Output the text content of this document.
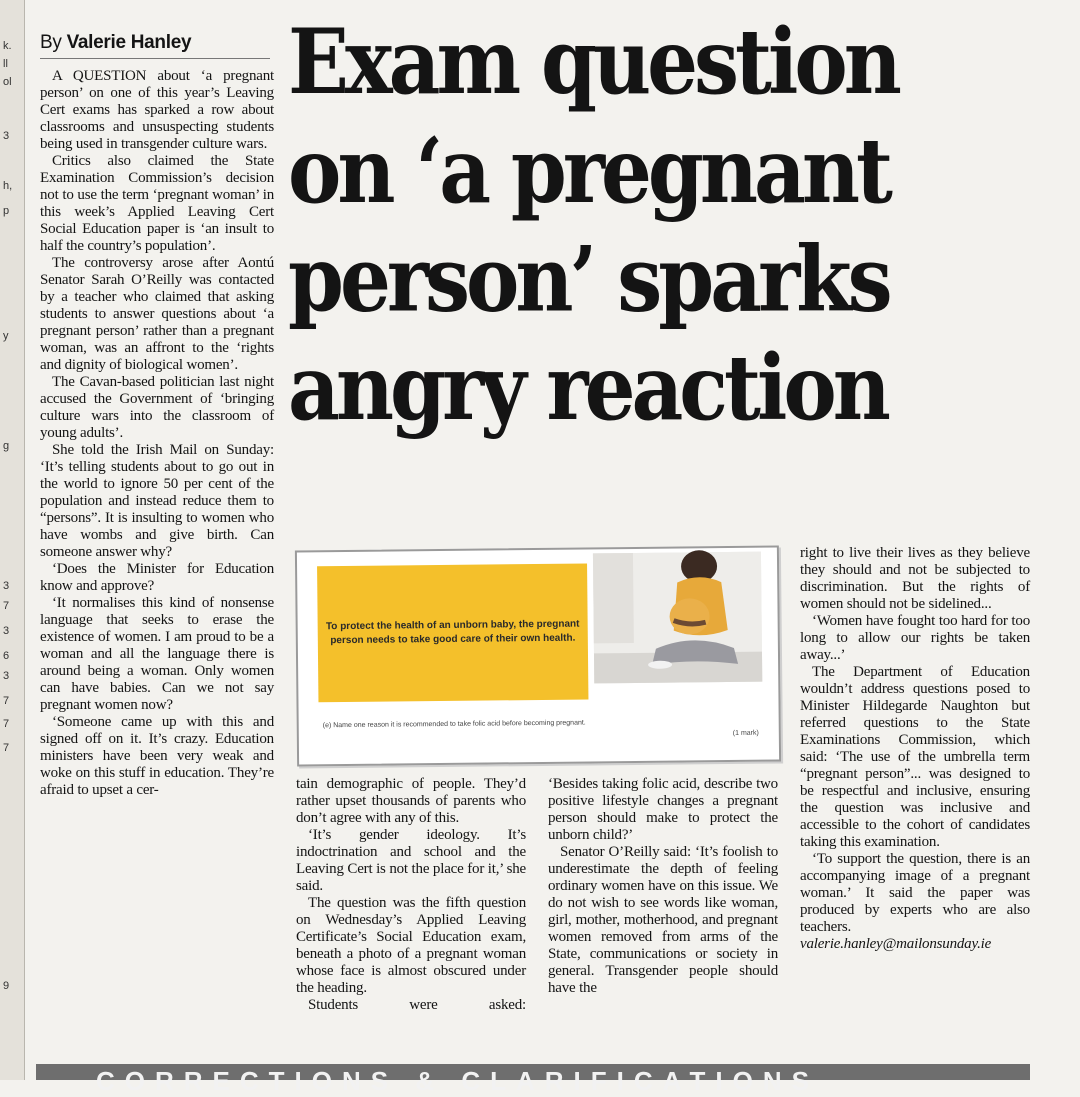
k.
ll
ol
3
h,
p
y
g
3
7
3
6
3
7
7
7
9
By Valerie Hanley	Exam question
on ‘a pregnant
person’ sparks
angry reaction

A QUESTION about ‘a pregnant person’ on one of this year’s Leaving Cert exams has sparked a row about classrooms and unsuspecting students being used in transgender culture wars.

Critics also claimed the State Examination Commission’s decision not to use the term ‘pregnant woman’ in this week’s Applied Leaving Cert Social Education paper is ‘an insult to half the country’s population’.

The controversy arose after Aontú Senator Sarah O’Reilly was contacted by a teacher who claimed that asking students to answer questions about ‘a pregnant person’ rather than a pregnant woman, was an affront to the ‘rights and dignity of biological women’.

The Cavan-based politician last night accused the Government of ‘bringing culture wars into the classroom of young adults’.

She told the Irish Mail on Sunday: ‘It’s telling students about to go out in the world to ignore 50 per cent of the population and instead reduce them to “persons”. It is insulting to women who have wombs and give birth. Can someone answer why?

‘Does the Minister for Education know and approve?

‘It normalises this kind of nonsense language that seeks to erase the existence of women. I am proud to be a woman and all the language there is around being a woman. Only women can have babies. Can we not say pregnant women now?

‘Someone came up with this and signed off on it. It’s crazy. Education ministers have been very weak and woke on this stuff in education. They’re afraid to upset a cer-

To protect the health of an unborn baby, the pregnant person needs to take good care of their own health.
(e) Name one reason it is recommended to take folic acid before becoming pregnant.
(1 mark)

tain demographic of people. They’d rather upset thousands of parents who don’t agree with any of this.

‘It’s gender ideology. It’s indoctrination and school and the Leaving Cert is not the place for it,’ she said.

The question was the fifth question on Wednesday’s Applied Leaving Certificate’s Social Education exam, beneath a photo of a pregnant woman whose face is almost obscured under the heading.

Students were asked:

‘Besides taking folic acid, describe two positive lifestyle changes a pregnant person should make to protect the unborn child?’

Senator O’Reilly said: ‘It’s foolish to underestimate the depth of feeling ordinary women have on this issue. We do not wish to see words like woman, girl, mother, motherhood, and pregnant women removed from arms of the State, communications or society in general. Transgender people should have the

right to live their lives as they believe they should and not be subjected to discrimination. But the rights of women should not be sidelined...

‘Women have fought too hard for too long to allow our rights be taken away...’

The Department of Education wouldn’t address questions posed to Minister Hildegarde Naughton but referred questions to the State Examinations Commission, which said: ‘The use of the umbrella term “pregnant person”... was designed to be respectful and inclusive, ensuring the question was inclusive and accessible to the cohort of candidates taking this examination.

‘To support the question, there is an accompanying image of a pregnant woman.’ It said the paper was produced by experts who are also teachers.

valerie.hanley@mailonsunday.ie

CORRECTIONS & CLARIFICATIONS
